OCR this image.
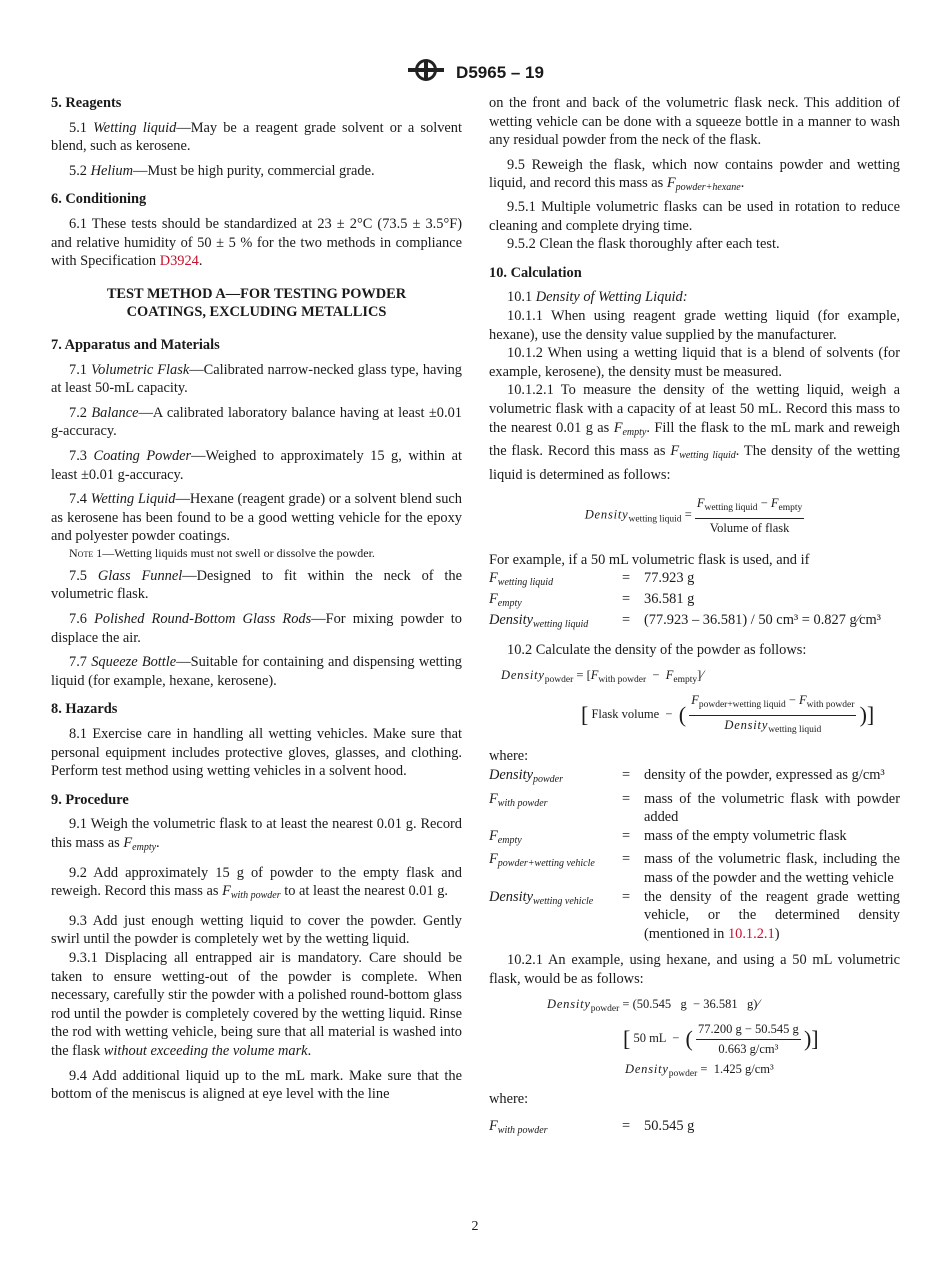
D5965 – 19
5. Reagents

5.1 Wetting liquid—May be a reagent grade solvent or a solvent blend, such as kerosene.

5.2 Helium—Must be high purity, commercial grade.

6. Conditioning

6.1 These tests should be standardized at 23 ± 2°C (73.5 ± 3.5°F) and relative humidity of 50 ± 5 % for the two methods in compliance with Specification D3924.

TEST METHOD A—FOR TESTING POWDER
COATINGS, EXCLUDING METALLICS
7. Apparatus and Materials

7.1 Volumetric Flask—Calibrated narrow-necked glass type, having at least 50-mL capacity.

7.2 Balance—A calibrated laboratory balance having at least ±0.01 g-accuracy.

7.3 Coating Powder—Weighed to approximately 15 g, within at least ±0.01 g-accuracy.

7.4 Wetting Liquid—Hexane (reagent grade) or a solvent blend such as kerosene has been found to be a good wetting vehicle for the epoxy and polyester powder coatings.

Note 1—Wetting liquids must not swell or dissolve the powder.

7.5 Glass Funnel—Designed to fit within the neck of the volumetric flask.

7.6 Polished Round-Bottom Glass Rods—For mixing powder to displace the air.

7.7 Squeeze Bottle—Suitable for containing and dispensing wetting liquid (for example, hexane, kerosene).

8. Hazards

8.1 Exercise care in handling all wetting vehicles. Make sure that personal equipment includes protective gloves, glasses, and clothing. Perform test method using wetting vehicles in a solvent hood.

9. Procedure

9.1 Weigh the volumetric flask to at least the nearest 0.01 g. Record this mass as $F_{empty}$.

9.2 Add approximately 15 g of powder to the empty flask and reweigh. Record this mass as $F_{with powder}$ to at least the nearest 0.01 g.

9.3 Add just enough wetting liquid to cover the powder. Gently swirl until the powder is completely wet by the wetting liquid.

9.3.1 Displacing all entrapped air is mandatory. Care should be taken to ensure wetting-out of the powder is complete. When necessary, carefully stir the powder with a polished round-bottom glass rod until the powder is completely covered by the wetting liquid. Rinse the rod with wetting vehicle, being sure that all material is washed into the flask without exceeding the volume mark.

9.4 Add additional liquid up to the mL mark. Make sure that the bottom of the meniscus is aligned at eye level with the line

on the front and back of the volumetric flask neck. This addition of wetting vehicle can be done with a squeeze bottle in a manner to wash any residual powder from the neck of the flask.

9.5 Reweigh the flask, which now contains powder and wetting liquid, and record this mass as $F_{powder+hexane}$.

9.5.1 Multiple volumetric flasks can be used in rotation to reduce cleaning and complete drying time.

9.5.2 Clean the flask thoroughly after each test.

10. Calculation

10.1 Density of Wetting Liquid:

10.1.1 When using reagent grade wetting liquid (for example, hexane), use the density value supplied by the manufacturer.

10.1.2 When using a wetting liquid that is a blend of solvents (for example, kerosene), the density must be measured.

10.1.2.1 To measure the density of the wetting liquid, weigh a volumetric flask with a capacity of at least 50 mL. Record this mass to the nearest 0.01 g as $F_{empty}$. Fill the flask to the mL mark and reweigh the flask. Record this mass as $F_{wetting liquid}$. The density of the wetting liquid is determined as follows:

Density$_{wetting liquid}$ = $\frac{F_{wetting liquid} - F_{empty}}{\text{Volume of flask}}$

For example, if a 50 mL volumetric flask is used, and if

$F_{wetting liquid}$	= 77.923 g
$F_{empty}$	= 36.581 g
Density$_{wetting liquid}$	= (77.923 – 36.581) / 50 cm³ = 0.827 g⁄cm³

10.2 Calculate the density of the powder as follows:

Density$_{powder}$ = [$F_{with powder}$  −  $F_{empty}]⁄$
[ Flask volume  −  ( $\frac{F_{powder+wetting liquid} - F_{with powder}}{Density_{wetting liquid}}$ )]

where:

Density$_{powder}$	= density of the powder, expressed as g/cm³
$F_{with powder}$	= mass of the volumetric flask with powder added
$F_{empty}$	= mass of the empty volumetric flask
$F_{powder+wetting vehicle}$	= mass of the volumetric flask, including the mass of the powder and the wetting vehicle
Density$_{wetting vehicle}$	= the density of the reagent grade wetting vehicle, or the determined density (mentioned in 10.1.2.1)

10.2.1 An example, using hexane, and using a 50 mL volumetric flask, would be as follows:

Density$_{powder}$ = (50.545   g  − 36.581   g)⁄
[ 50 mL  −  ( $\frac{77.200 g - 50.545 g}{\text{0.663 g/cm³}}$ )]
Density$_{powder}$ =  1.425 g/cm³

where:

$F_{with powder}$	= 50.545 g
2
